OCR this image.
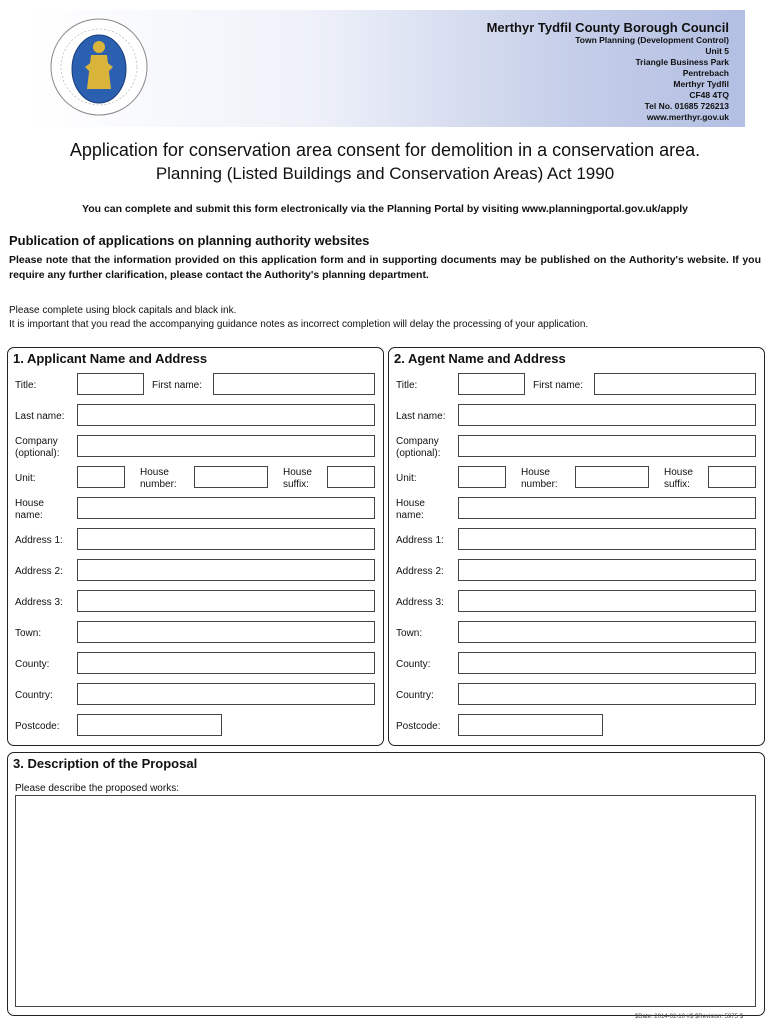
Merthyr Tydfil County Borough Council
Town Planning (Development Control)
Unit 5
Triangle Business Park
Pentrebach
Merthyr Tydfil
CF48 4TQ
Tel No. 01685 726213
www.merthyr.gov.uk
Application for conservation area consent for demolition in a conservation area.
Planning (Listed Buildings and Conservation Areas) Act 1990
You can complete and submit this form electronically via the Planning Portal by visiting www.planningportal.gov.uk/apply
Publication of applications on planning authority websites
Please note that the information provided on this application form and in supporting documents may be published on the Authority's website. If you require any further clarification, please contact the Authority's planning department.
Please complete using block capitals and black ink.
It is important that you read the accompanying guidance notes as incorrect completion will delay the processing of your application.
1. Applicant Name and Address
Title:	First name:
Last name:
Company (optional):
Unit:
House number:
House suffix:
House name:
Address 1:
Address 2:
Address 3:
Town:
County:
Country:
Postcode:
2. Agent Name and Address
Title:	First name:
Last name:
Company (optional):
Unit:
House number:
House suffix:
House name:
Address 1:
Address 2:
Address 3:
Town:
County:
Country:
Postcode:
3. Description of the Proposal
Please describe the proposed works:
$Date: 2014-02-10 #$ $Revision: 5975 $
